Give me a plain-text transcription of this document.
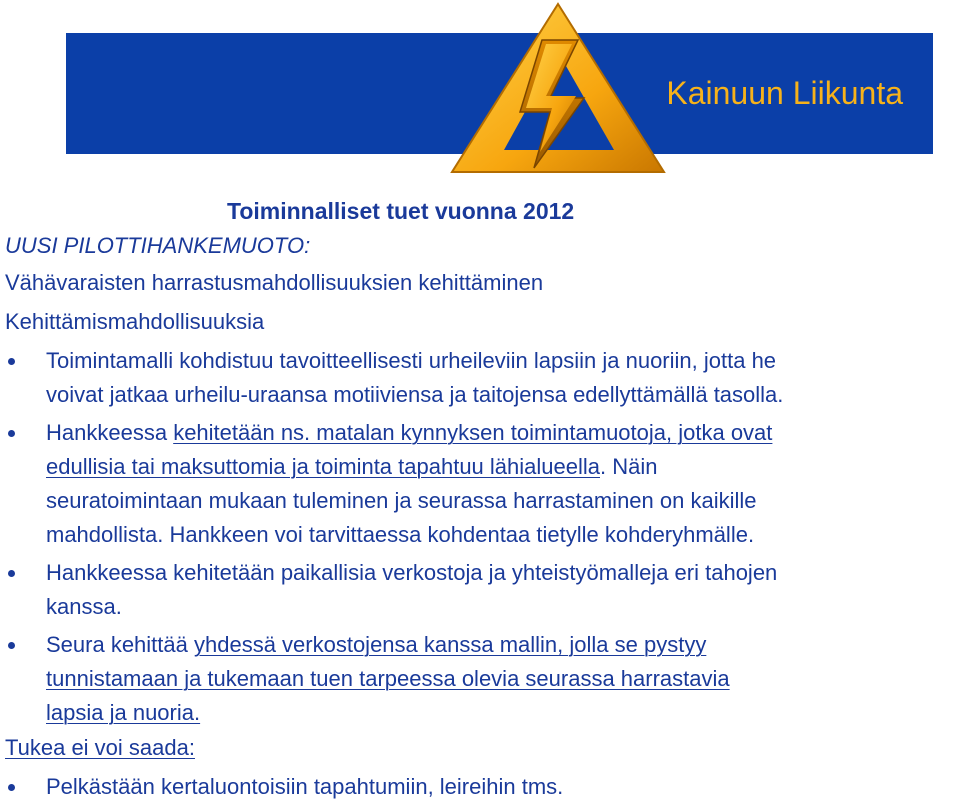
Kainuun Liikunta

Toiminnalliset tuet vuonna 2012

UUSI PILOTTIHANKEMUOTO:

Vähävaraisten harrastusmahdollisuuksien kehittäminen

Kehittämismahdollisuuksia

Toimintamalli kohdistuu tavoitteellisesti urheileviin lapsiin ja nuoriin, jotta he
voivat jatkaa urheilu-uraansa motiiviensa ja taitojensa edellyttämällä tasolla.
Hankkeessa kehitetään ns. matalan kynnyksen toimintamuotoja, jotka ovat
edullisia tai maksuttomia ja toiminta tapahtuu lähialueella. Näin
seuratoimintaan mukaan tuleminen ja seurassa harrastaminen on kaikille
mahdollista. Hankkeen voi tarvittaessa kohdentaa tietylle kohderyhmälle.
Hankkeessa kehitetään paikallisia verkostoja ja yhteistyömalleja eri tahojen
kanssa.
Seura kehittää yhdessä verkostojensa kanssa mallin, jolla se pystyy
tunnistamaan ja tukemaan tuen tarpeessa olevia seurassa harrastavia
lapsia ja nuoria.

Tukea ei voi saada:

Pelkästään kertaluontoisiin tapahtumiin, leireihin tms.
